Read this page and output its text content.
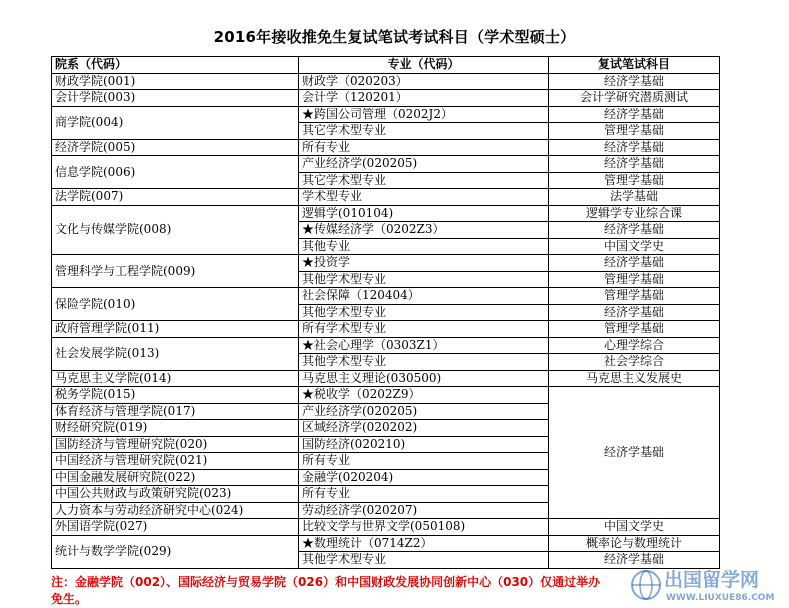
2016年接收推免生复试笔试考试科目（学术型硕士）
院系（代码）	专业（代码）	复试笔试科目
财政学院(001)	财政学（020203）	经济学基础
会计学院(003)	会计学（120201）	会计学研究潜质测试
商学院(004)	★跨国公司管理（0202J2）	经济学基础
	其它学术型专业	管理学基础
经济学院(005)	所有专业	经济学基础
信息学院(006)	产业经济学(020205)	经济学基础
	其它学术型专业	管理学基础
法学院(007)	学术型专业	法学基础
文化与传媒学院(008)	逻辑学(010104)	逻辑学专业综合课
	★传媒经济学（0202Z3）	经济学基础
	其他专业	中国文学史
管理科学与工程学院(009)	★投资学	经济学基础
	其他学术型专业	管理学基础
保险学院(010)	社会保障（120404）	管理学基础
	其他学术型专业	经济学基础
政府管理学院(011)	所有学术型专业	管理学基础
社会发展学院(013)	★社会心理学（0303Z1）	心理学综合
	其他学术型专业	社会学综合
马克思主义学院(014)	马克思主义理论(030500)	马克思主义发展史
税务学院(015)	★税收学（0202Z9）	经济学基础
体育经济与管理学院(017)	产业经济学(020205)	
财经研究院(019)	区域经济学(020202)	
国防经济与管理研究院(020)	国防经济(020210)	
中国经济与管理研究院(021)	所有专业	
中国金融发展研究院(022)	金融学(020204)	
中国公共财政与政策研究院(023)	所有专业	
人力资本与劳动经济研究中心(024)	劳动经济学(020207)	
外国语学院(027)	比较文学与世界文学(050108)	中国文学史
统计与数学学院(029)	★数理统计（0714Z2）	概率论与数理统计
	其他学术型专业	经济学基础
注：金融学院（002）、国际经济与贸易学院（026）和中国财政发展协同创新中心（030）仅通过举办
免生。
出国留学网
WWW.LIUXUE86.COM
